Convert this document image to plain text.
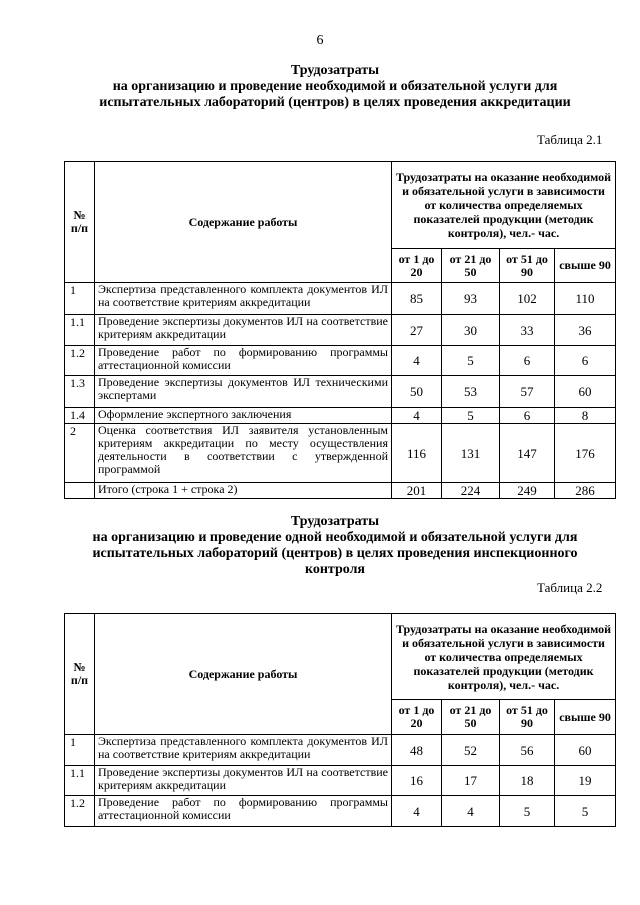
6
Трудозатраты
на организацию и проведение необходимой и обязательной услуги для
испытательных лабораторий (центров) в целях проведения аккредитации
Таблица 2.1
№ п/п	Содержание работы	Трудозатраты на оказание необходимой и обязательной услуги в зависимости от количества определяемых показателей продукции (методик контроля), чел.- час.			
		от 1 до 20	от 21 до 50	от 51 до 90	свыше 90
1	Экспертиза представленного комплекта документов ИЛ на соответствие критериям аккредитации	85	93	102	110
1.1	Проведение экспертизы документов ИЛ на соответствие критериям аккредитации	27	30	33	36
1.2	Проведение работ по формированию программы аттестационной комиссии	4	5	6	6
1.3	Проведение экспертизы документов ИЛ техническими экспертами	50	53	57	60
1.4	Оформление экспертного заключения	4	5	6	8
2	Оценка соответствия ИЛ заявителя установленным критериям аккредитации по месту осуществления деятельности в соответствии с утвержденной программой	116	131	147	176
	Итого (строка 1 + строка 2)	201	224	249	286
Трудозатраты
на организацию и проведение одной необходимой и обязательной услуги для
испытательных лабораторий (центров) в целях проведения инспекционного
контроля
Таблица 2.2
№ п/п	Содержание работы	Трудозатраты на оказание необходимой и обязательной услуги в зависимости от количества определяемых показателей продукции (методик контроля), чел.- час.			
		от 1 до 20	от 21 до 50	от 51 до 90	свыше 90
1	Экспертиза представленного комплекта документов ИЛ на соответствие критериям аккредитации	48	52	56	60
1.1	Проведение экспертизы документов ИЛ на соответствие критериям аккредитации	16	17	18	19
1.2	Проведение работ по формированию программы аттестационной комиссии	4	4	5	5
